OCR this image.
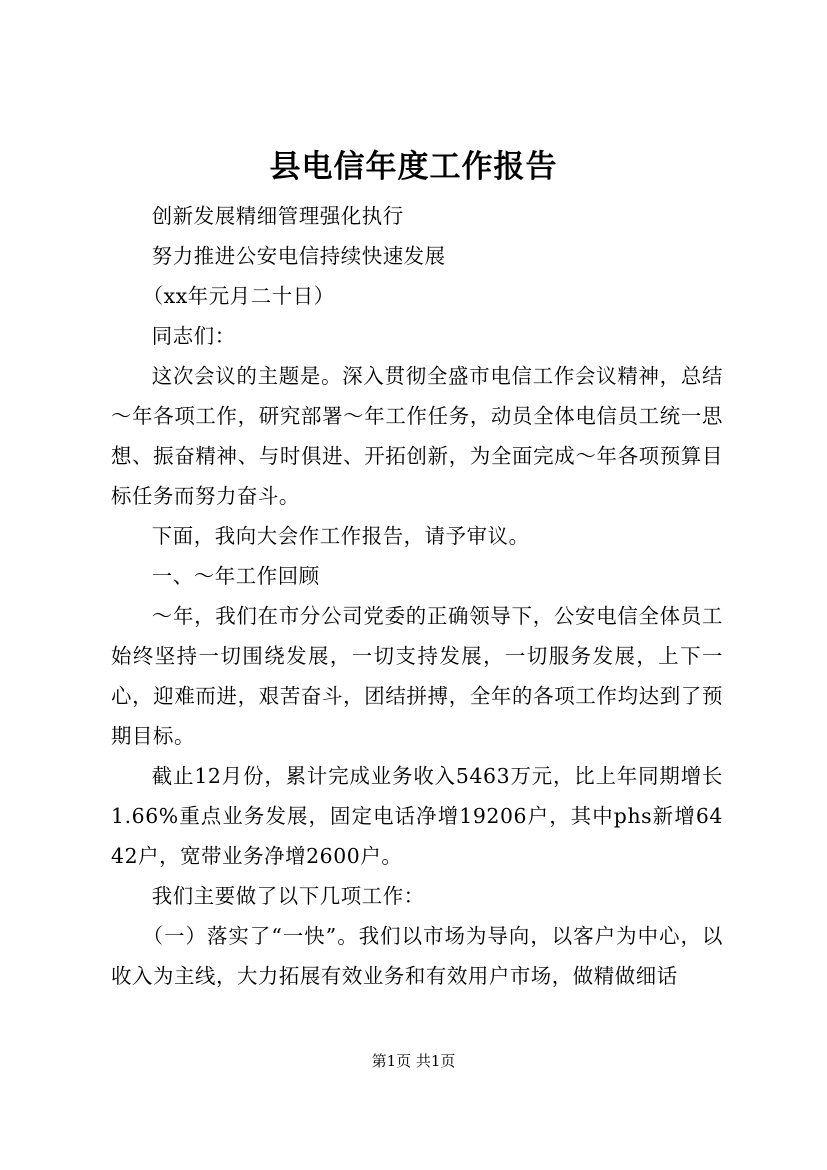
县电信年度工作报告

创新发展精细管理强化执行

努力推进公安电信持续快速发展

（xx年元月二十日）

同志们：

这次会议的主题是。深入贯彻全盛市电信工作会议精神，总结～年各项工作，研究部署～年工作任务，动员全体电信员工统一思想、振奋精神、与时俱进、开拓创新，为全面完成～年各项预算目标任务而努力奋斗。

下面，我向大会作工作报告，请予审议。

一、～年工作回顾

～年，我们在市分公司党委的正确领导下，公安电信全体员工始终坚持一切围绕发展，一切支持发展，一切服务发展，上下一心，迎难而进，艰苦奋斗，团结拼搏，全年的各项工作均达到了预期目标。

截止12月份，累计完成业务收入5463万元，比上年同期增长1.66%重点业务发展，固定电话净增19206户，其中phs新增6442户，宽带业务净增2600户。

我们主要做了以下几项工作：

（一）落实了“一快”。我们以市场为导向，以客户为中心，以收入为主线，大力拓展有效业务和有效用户市场，做精做细话

第1页 共1页
